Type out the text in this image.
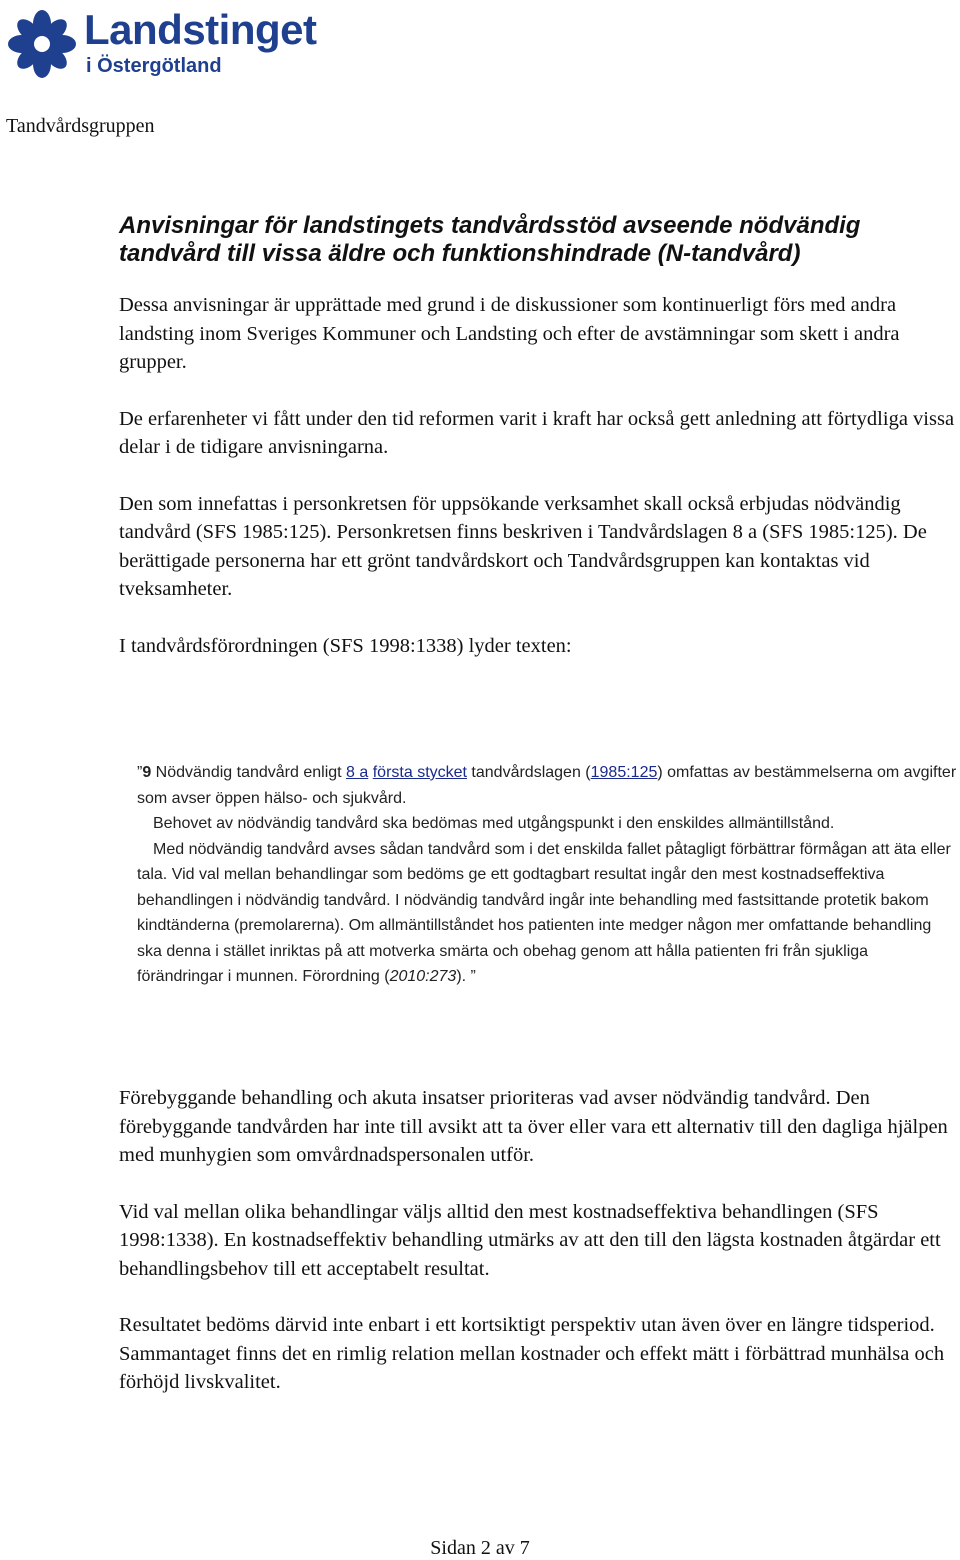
Landstinget
i Östergötland
Tandvårdsgruppen
Anvisningar för landstingets tandvårdsstöd avseende nödvändig tandvård till vissa äldre och funktionshindrade (N-tandvård)

Dessa anvisningar är upprättade med grund i de diskussioner som kontinuerligt förs med andra landsting inom Sveriges Kommuner och Landsting och efter de avstämningar som skett i andra grupper.

De erfarenheter vi fått under den tid reformen varit i kraft har också gett anledning att förtydliga vissa delar i de tidigare anvisningarna.

Den som innefattas i personkretsen för uppsökande verksamhet skall också erbjudas nödvändig tandvård (SFS 1985:125). Personkretsen finns beskriven i Tandvårdslagen 8 a (SFS 1985:125). De berättigade personerna har ett grönt tandvårdskort och Tandvårdsgruppen kan kontaktas vid tveksamheter.

I tandvårdsförordningen (SFS 1998:1338) lyder texten:

”9 Nödvändig tandvård enligt 8 a första stycket tandvårdslagen (1985:125) omfattas av bestämmelserna om avgifter som avser öppen hälso- och sjukvård.

Behovet av nödvändig tandvård ska bedömas med utgångspunkt i den enskildes allmäntillstånd.

Med nödvändig tandvård avses sådan tandvård som i det enskilda fallet påtagligt förbättrar förmågan att äta eller tala. Vid val mellan behandlingar som bedöms ge ett godtagbart resultat ingår den mest kostnadseffektiva behandlingen i nödvändig tandvård. I nödvändig tandvård ingår inte behandling med fastsittande protetik bakom kindtänderna (premolarerna). Om allmäntillståndet hos patienten inte medger någon mer omfattande behandling ska denna i stället inriktas på att motverka smärta och obehag genom att hålla patienten fri från sjukliga förändringar i munnen. Förordning (2010:273). ”

Förebyggande behandling och akuta insatser prioriteras vad avser nödvändig tandvård. Den förebyggande tandvården har inte till avsikt att ta över eller vara ett alternativ till den dagliga hjälpen med munhygien som omvårdnadspersonalen utför.

Vid val mellan olika behandlingar väljs alltid den mest kostnadseffektiva behandlingen (SFS 1998:1338). En kostnadseffektiv behandling utmärks av att den till den lägsta kostnaden åtgärdar ett behandlingsbehov till ett acceptabelt resultat.

Resultatet bedöms därvid inte enbart i ett kortsiktigt perspektiv utan även över en längre tidsperiod. Sammantaget finns det en rimlig relation mellan kostnader och effekt mätt i förbättrad munhälsa och förhöjd livskvalitet.

Sidan 2 av 7
